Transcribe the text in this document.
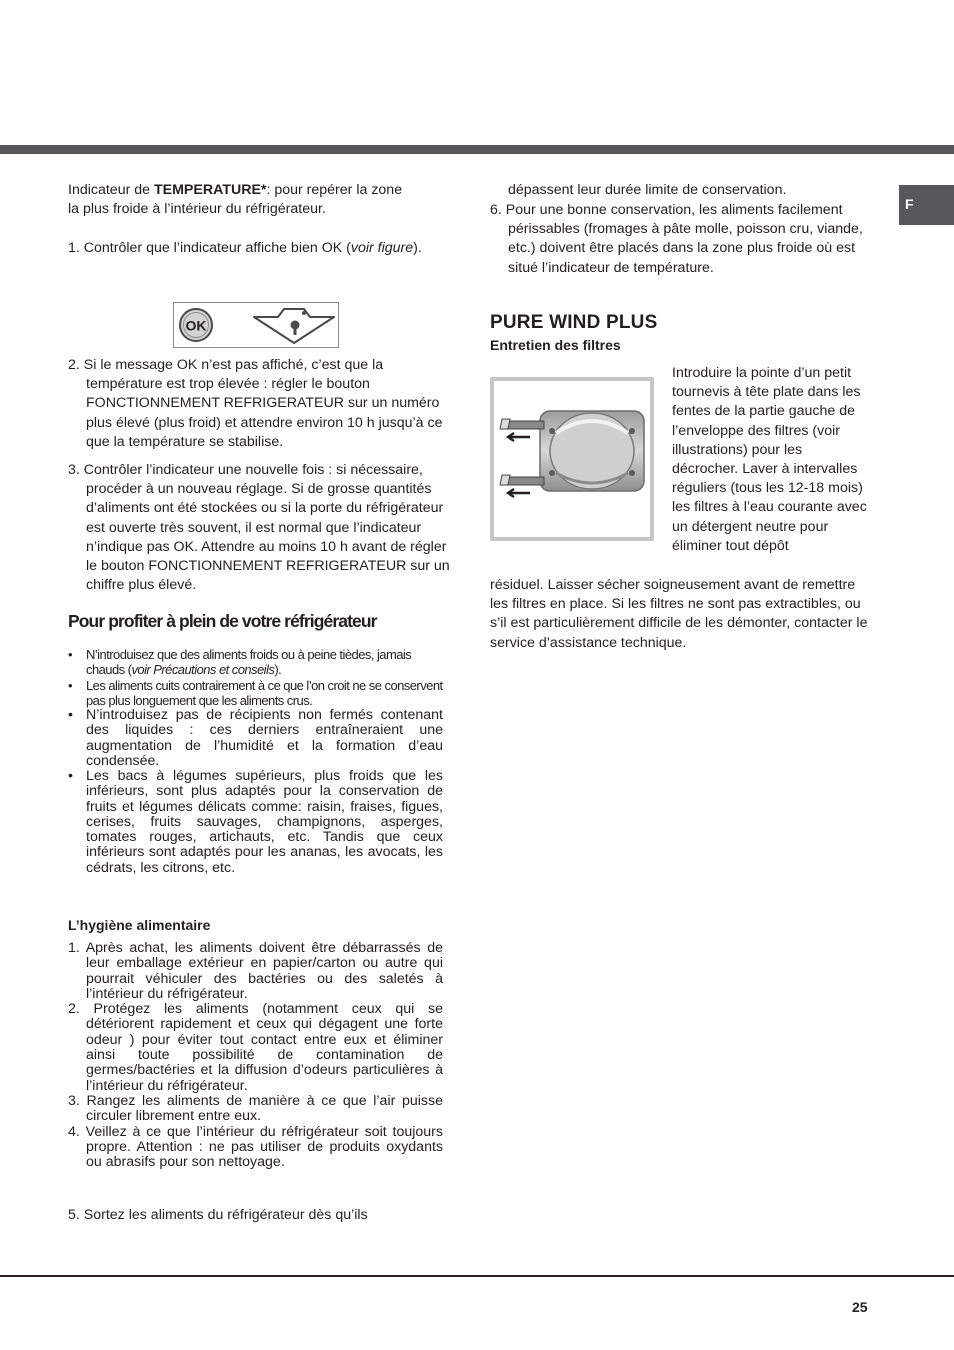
F

Indicateur de TEMPERATURE*: pour repérer la zone la plus froide à l’intérieur du réfrigérateur.

1. Contrôler que l’indicateur affiche bien OK (voir figure).

OK

2. Si le message OK n’est pas affiché, c’est que la température est trop élevée : régler le bouton FONCTIONNEMENT REFRIGERATEUR sur un numéro plus élevé (plus froid) et attendre environ 10 h jusqu’à ce que la température se stabilise.

3. Contrôler l’indicateur une nouvelle fois : si nécessaire, procéder à un nouveau réglage. Si de grosse quantités d’aliments ont été stockées ou si la porte du réfrigérateur est ouverte très souvent, il est normal que l’indicateur n’indique pas OK. Attendre au moins 10 h avant de régler le bouton FONCTIONNEMENT REFRIGERATEUR sur un chiffre plus élevé.

Pour profiter à plein de votre réfrigérateur
• N’introduisez que des aliments froids ou à peine tièdes, jamais chauds (voir Précautions et conseils).
• Les aliments cuits contrairement à ce que l’on croit ne se conservent pas plus longuement que les aliments crus.
• N’introduisez pas de récipients non fermés contenant des liquides : ces derniers entraîneraient une augmentation de l’humidité et la formation d’eau condensée.
• Les bacs à légumes supérieurs, plus froids que les inférieurs, sont plus adaptés pour la conservation de fruits et légumes délicats comme: raisin, fraises, figues, cerises, fruits sauvages, champignons, asperges, tomates rouges, artichauts, etc. Tandis que ceux inférieurs sont adaptés pour les ananas, les avocats, les cédrats, les citrons, etc.
L’hygiène alimentaire
1. Après achat, les aliments doivent être débarrassés de leur emballage extérieur en papier/carton ou autre qui pourrait véhiculer des bactéries ou des saletés à l’intérieur du réfrigérateur.
2. Protégez les aliments (notamment ceux qui se détériorent rapidement et ceux qui dégagent une forte odeur ) pour éviter tout contact entre eux et éliminer ainsi toute possibilité de contamination de germes/bactéries et la diffusion d’odeurs particulières à l’intérieur du réfrigérateur.
3. Rangez les aliments de manière à ce que l’air puisse circuler librement entre eux.
4. Veillez à ce que l’intérieur du réfrigérateur soit toujours propre. Attention : ne pas utiliser de produits oxydants ou abrasifs pour son nettoyage.

5. Sortez les aliments du réfrigérateur dès qu’ils

dépassent leur durée limite de conservation.

6. Pour une bonne conservation, les aliments facilement périssables (fromages à pâte molle, poisson cru, viande, etc.) doivent être placés dans la zone plus froide où est situé l’indicateur de température.

PURE WIND PLUS
Entretien des filtres

Introduire la pointe d’un petit tournevis à tête plate dans les fentes de la partie gauche de l’enveloppe des filtres (voir illustrations) pour les décrocher. Laver à intervalles réguliers (tous les 12-18 mois) les filtres à l’eau courante avec un détergent neutre pour éliminer tout dépôt

résiduel. Laisser sécher soigneusement avant de remettre les filtres en place. Si les filtres ne sont pas extractibles, ou s’il est particulièrement difficile de les démonter, contacter le service d’assistance technique.

25
